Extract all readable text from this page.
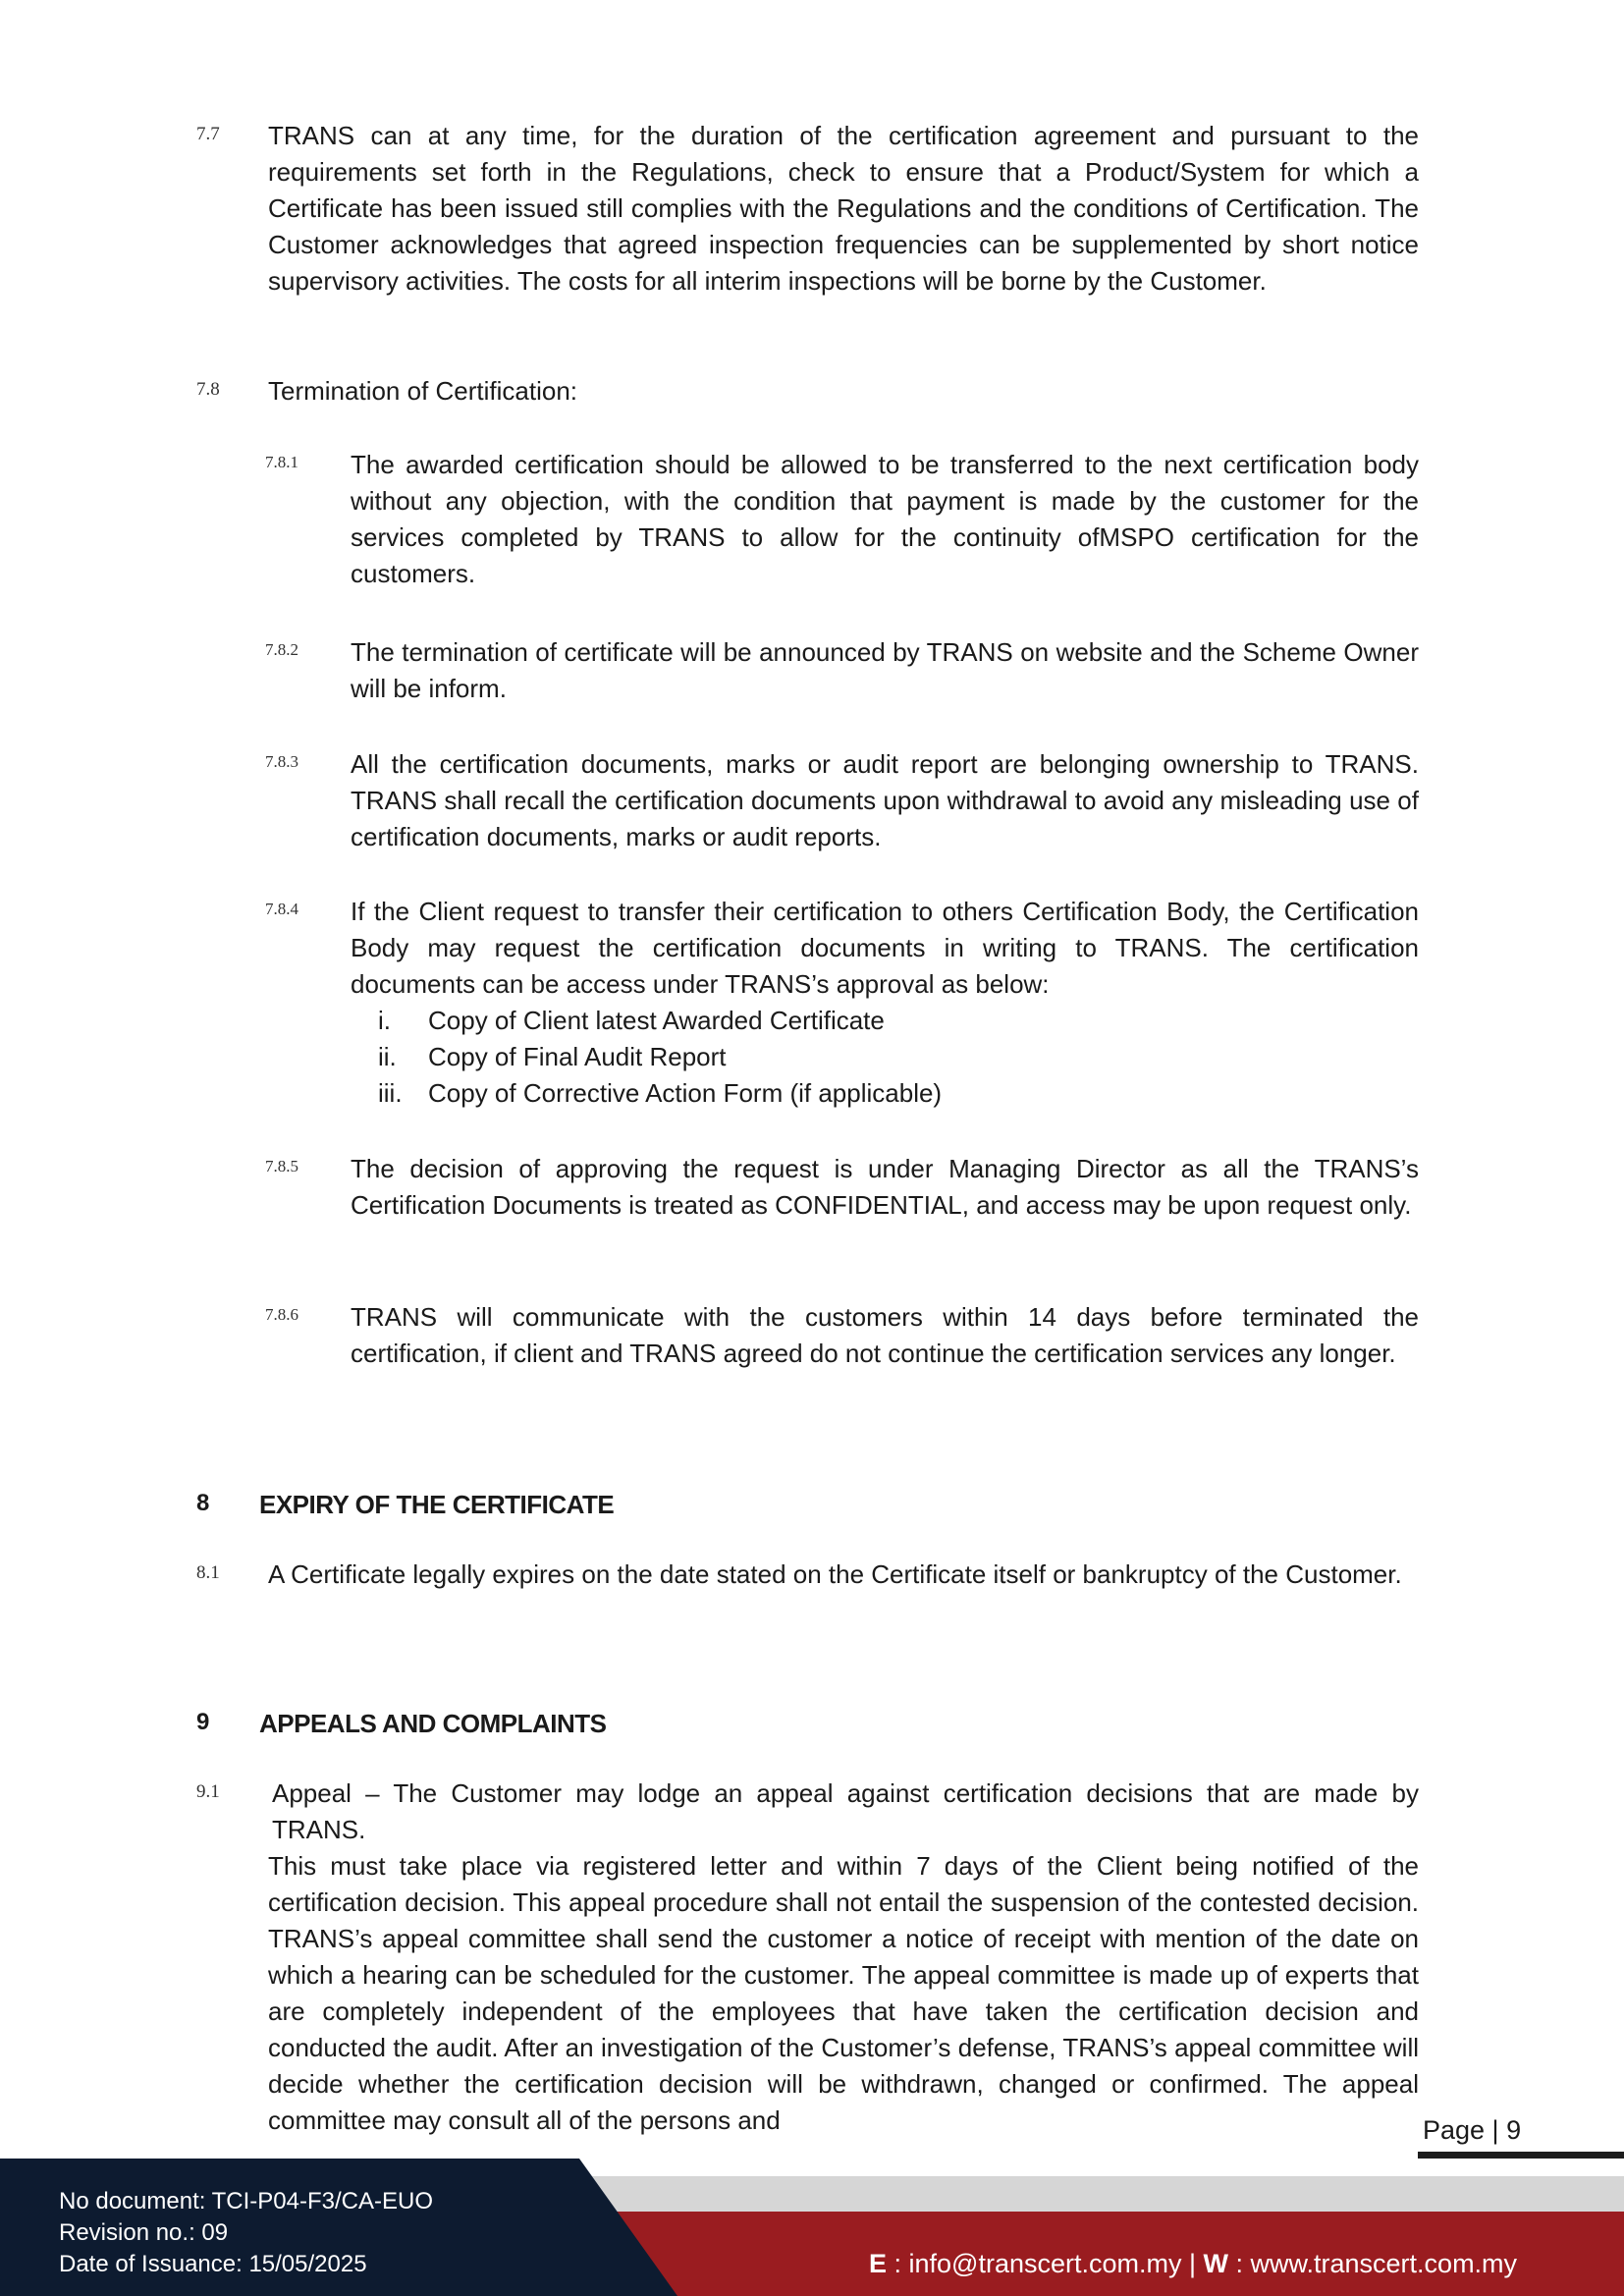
7.7 TRANS can at any time, for the duration of the certification agreement and pursuant to the requirements set forth in the Regulations, check to ensure that a Product/System for which a Certificate has been issued still complies with the Regulations and the conditions of Certification. The Customer acknowledges that agreed inspection frequencies can be supplemented by short notice supervisory activities. The costs for all interim inspections will be borne by the Customer.

7.8 Termination of Certification:

7.8.1 The awarded certification should be allowed to be transferred to the next certification body without any objection, with the condition that payment is made by the customer for the services completed by TRANS to allow for the continuity ofMSPO certification for the customers.

7.8.2 The termination of certificate will be announced by TRANS on website and the Scheme Owner will be inform.

7.8.3 All the certification documents, marks or audit report are belonging ownership to TRANS. TRANS shall recall the certification documents upon withdrawal to avoid any misleading use of certification documents, marks or audit reports.

7.8.4 If the Client request to transfer their certification to others Certification Body, the Certification Body may request the certification documents in writing to TRANS. The certification documents can be access under TRANS’s approval as below:

i. Copy of Client latest Awarded Certificate
ii. Copy of Final Audit Report
iii. Copy of Corrective Action Form (if applicable)
7.8.5 The decision of approving the request is under Managing Director as all the TRANS’s Certification Documents is treated as CONFIDENTIAL, and access may be upon request only.

7.8.6 TRANS will communicate with the customers within 14 days before terminated the certification, if client and TRANS agreed do not continue the certification services any longer.

8 EXPIRY OF THE CERTIFICATE
8.1 A Certificate legally expires on the date stated on the Certificate itself or bankruptcy of the Customer.

9 APPEALS AND COMPLAINTS
9.1 Appeal – The Customer may lodge an appeal against certification decisions that are made by TRANS.

This must take place via registered letter and within 7 days of the Client being notified of the certification decision. This appeal procedure shall not entail the suspension of the contested decision. TRANS’s appeal committee shall send the customer a notice of receipt with mention of the date on which a hearing can be scheduled for the customer. The appeal committee is made up of experts that are completely independent of the employees that have taken the certification decision and conducted the audit. After an investigation of the Customer’s defense, TRANS’s appeal committee will decide whether the certification decision will be withdrawn, changed or confirmed. The appeal committee may consult all of the persons and	Page | 9
No document: TCI-P04-F3/CA-EUO
Revision no.: 09
Date of Issuance: 15/05/2025	E : info@transcert.com.my | W : www.transcert.com.my
